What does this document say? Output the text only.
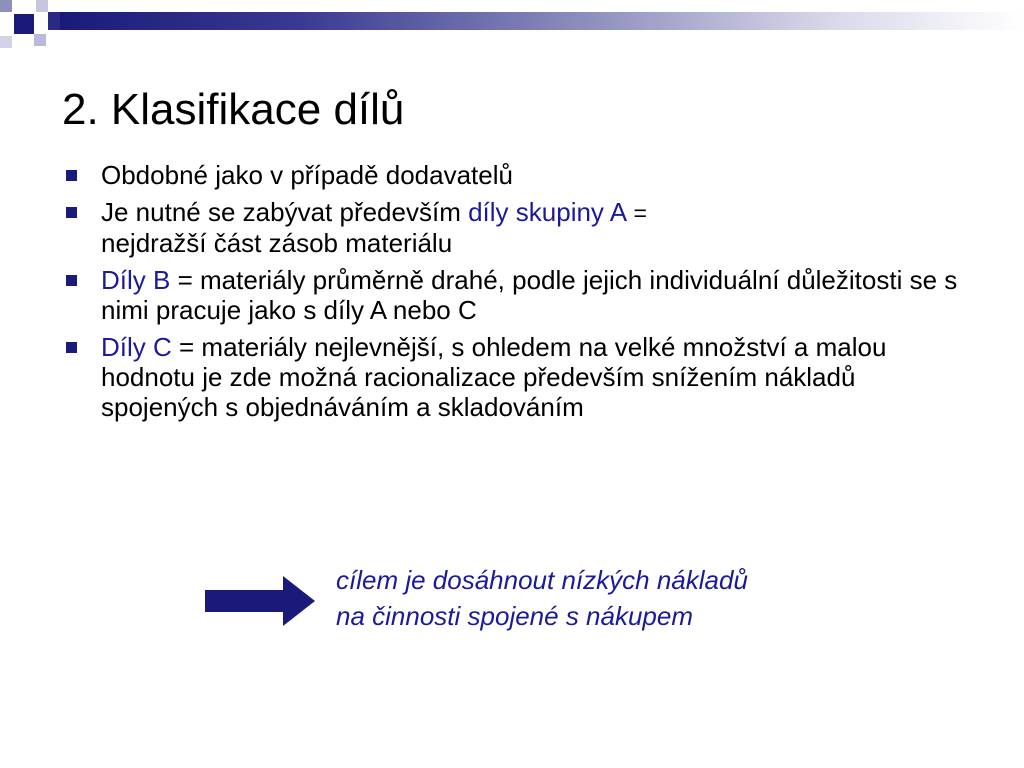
2. Klasifikace dílů
Obdobné jako v případě dodavatelů
Je nutné se zabývat především díly skupiny A =
nejdražší část zásob materiálu
Díly B = materiály průměrně drahé, podle jejich individuální důležitosti se s nimi pracuje jako s díly A nebo C
Díly C = materiály nejlevnější, s ohledem na velké množství a malou hodnotu je zde možná racionalizace především snížením nákladů spojených s objednáváním a skladováním
cílem je dosáhnout nízkých nákladů
na činnosti spojené s nákupem
